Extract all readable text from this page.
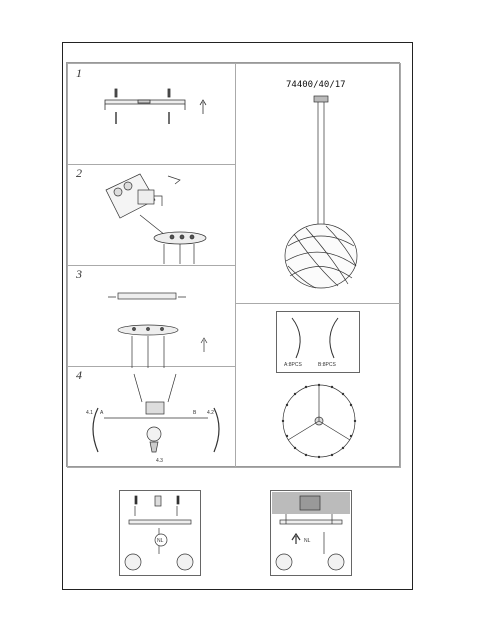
1
2
3
4
A	B
4.1	4.2
4.3
74400/40/17
A:8PCS	B:8PCS
NL	NL
